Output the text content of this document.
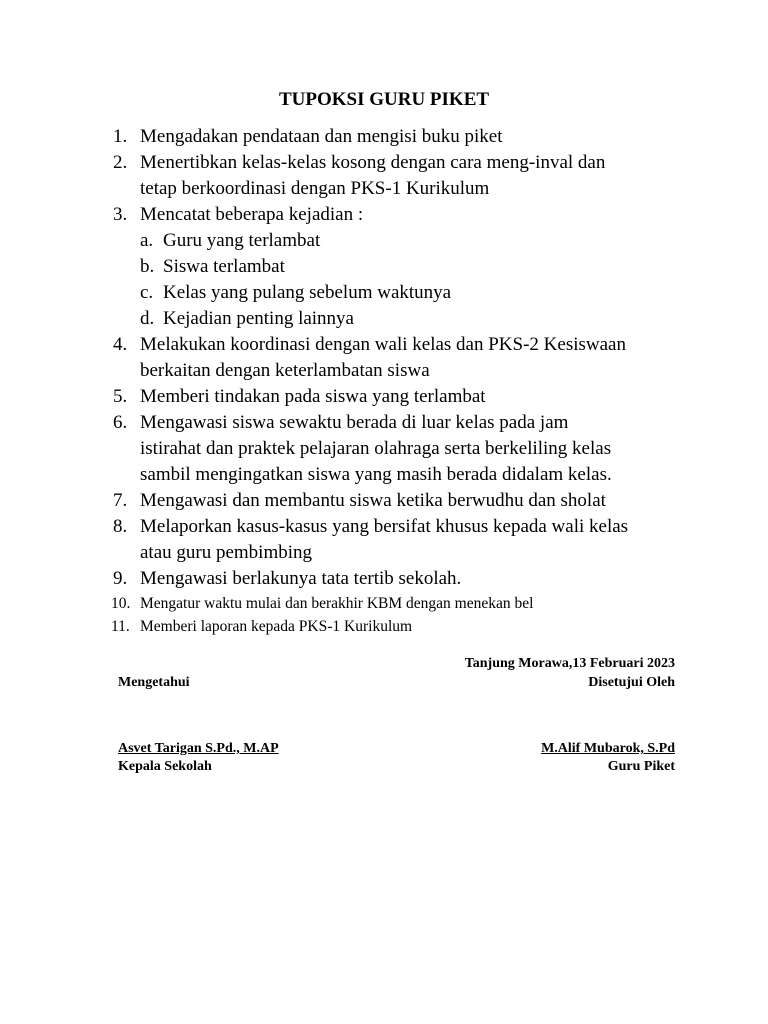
TUPOKSI GURU PIKET
1. Mengadakan pendataan dan mengisi buku piket
2. Menertibkan kelas-kelas kosong dengan cara meng-inval dan
tetap berkoordinasi dengan PKS-1 Kurikulum
3. Mencatat beberapa kejadian :
a. Guru yang terlambat
b. Siswa terlambat
c. Kelas yang pulang sebelum waktunya
d. Kejadian penting lainnya
4. Melakukan koordinasi dengan wali kelas dan PKS-2 Kesiswaan
berkaitan dengan keterlambatan siswa
5. Memberi tindakan pada siswa yang terlambat
6. Mengawasi siswa sewaktu berada di luar kelas pada jam
istirahat dan praktek pelajaran olahraga serta berkeliling kelas
sambil mengingatkan siswa yang masih berada didalam kelas.
7. Mengawasi dan membantu siswa ketika berwudhu dan sholat
8. Melaporkan kasus-kasus yang bersifat khusus kepada wali kelas
atau guru pembimbing
9. Mengawasi berlakunya tata tertib sekolah.
10. Mengatur waktu mulai dan berakhir KBM dengan menekan bel
11. Memberi laporan kepada PKS-1 Kurikulum
Tanjung Morawa,13 Februari 2023
Mengetahui	Disetujui Oleh
Asvet Tarigan S.Pd., M.AP
Kepala Sekolah
M.Alif Mubarok, S.Pd
Guru Piket
